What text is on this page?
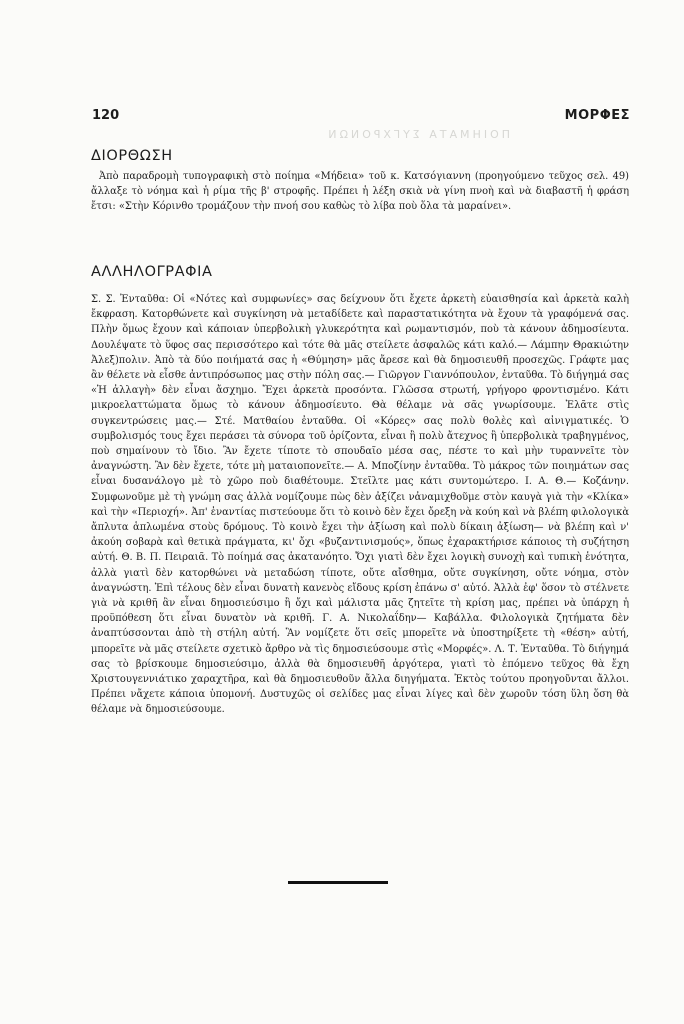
ΠΟΙΗΜΑΤΑ ΣΥΓΧΡΟΝΩΝ
120	ΜΟΡΦΕΣ
ΔΙΟΡΘΩΣΗ

Ἀπὸ παραδρομὴ τυπογραφικὴ στὸ ποίημα «Μήδεια» τοῦ κ. Κατσόγιαννη (προηγούμενο τεῦχος σελ. 49) ἄλλαξε τὸ νόημα καὶ ἡ ρίμα τῆς β' στροφῆς. Πρέπει ἡ λέξη σκιὰ νὰ γίνη πνοὴ καὶ νὰ διαβαστῆ ἡ φράση ἔτσι: «Στὴν Κόρινθο τρομάζουν τὴν πνοή σου καθὼς τὸ λίβα ποὺ ὅλα τὰ μαραίνει».

ΑΛΛΗΛΟΓΡΑΦΙΑ

Σ. Σ. Ἐνταῦθα: Οἱ «Νότες καὶ συμφωνίες» σας δείχνουν ὅτι ἔχετε ἀρκετὴ εὐαισθησία καὶ ἀρκετὰ καλὴ ἔκφραση. Κατορθώνετε καὶ συγκίνηση νὰ μεταδίδετε καὶ παραστατικότητα νὰ ἔχουν τὰ γραφόμενά σας. Πλὴν ὅμως ἔχουν καὶ κάποιαν ὑπερβολικὴ γλυκερότητα καὶ ρωμαντισμόν, ποὺ τὰ κάνουν ἀδημοσίευτα. Δουλέψατε τὸ ὕφος σας περισσότερο καὶ τότε θὰ μᾶς στείλετε ἀσφαλῶς κάτι καλό.— Λάμπην Θρακιώτην Ἀλεξ)πολιν. Ἀπὸ τὰ δύο ποιήματά σας ἡ «Θύμηση» μᾶς ἄρεσε καὶ θὰ δημοσιευθῆ προσεχῶς. Γράφτε μας ἂν θέλετε νὰ εἶσθε ἀντιπρόσωπος μας στὴν πόλη σας.— Γιῶργον Γιαννόπουλον, ἐνταῦθα. Τὸ διήγημά σας «Ἡ ἀλλαγὴ» δὲν εἶναι ἄσχημο. Ἔχει ἀρκετὰ προσόντα. Γλῶσσα στρωτή, γρήγορο φροντισμένο. Κάτι μικροελαττώματα ὅμως τὸ κάνουν ἀδημοσίευτο. Θὰ θέλαμε νὰ σᾶς γνωρίσουμε. Ἐλᾶτε στὶς συγκεντρώσεις μας.— Στέ. Ματθαίου ἐνταῦθα. Οἱ «Κόρες» σας πολὺ θολὲς καὶ αἰνιγματικές. Ὁ συμβολισμός τους ἔχει περάσει τὰ σύνορα τοῦ ὁρίζοντα, εἶναι ἢ πολὺ ἄτεχνος ἢ ὑπερβολικὰ τραβηγμένος, ποὺ σημαίνουν τὸ ἴδιο. Ἂν ἔχετε τίποτε τὸ σπουδαῖο μέσα σας, πέστε το καὶ μὴν τυραννεῖτε τὸν ἀναγνώστη. Ἂν δὲν ἔχετε, τότε μὴ ματαιοπονεῖτε.— Α. Μποζίνην ἐνταῦθα. Τὸ μάκρος τῶν ποιημάτων σας εἶναι δυσανάλογο μὲ τὸ χῶρο ποὺ διαθέτουμε. Στεῖλτε μας κάτι συντομώτερο. Ι. Α. Θ.— Κοζάνην. Συμφωνοῦμε μὲ τὴ γνώμη σας ἀλλὰ νομίζουμε πὼς δὲν ἀξίζει νἀναμιχθοῦμε στὸν καυγὰ γιὰ τὴν «Κλίκα» καὶ τὴν «Περιοχή». Ἀπ' ἐναντίας πιστεύουμε ὅτι τὸ κοινὸ δὲν ἔχει ὄρεξη νὰ κούη καὶ νὰ βλέπη φιλολογικὰ ἄπλυτα ἁπλωμένα στοὺς δρόμους. Τὸ κοινὸ ἔχει τὴν ἀξίωση καὶ πολὺ δίκαιη ἀξίωση— νὰ βλέπη καὶ ν' ἀκούη σοβαρὰ καὶ θετικὰ πράγματα, κι' ὄχι «βυζαντινισμούς», ὅπως ἐχαρακτήρισε κάποιος τὴ συζήτηση αὐτή. Θ. Β. Π. Πειραιᾶ. Τὸ ποίημά σας ἀκατανόητο. Ὄχι γιατὶ δὲν ἔχει λογικὴ συνοχὴ καὶ τυπικὴ ἑνότητα, ἀλλὰ γιατὶ δὲν κατορθώνει νὰ μεταδώση τίποτε, οὔτε αἴσθημα, οὔτε συγκίνηση, οὔτε νόημα, στὸν ἀναγνώστη. Ἐπὶ τέλους δὲν εἶναι δυνατὴ κανενὸς εἴδους κρίση ἐπάνω σ' αὐτό. Ἀλλὰ ἐφ' ὅσον τὸ στέλνετε γιὰ νὰ κριθῆ ἂν εἶναι δημοσιεύσιμο ἢ ὄχι καὶ μάλιστα μᾶς ζητεῖτε τὴ κρίση μας, πρέπει νὰ ὑπάρχη ἡ προϋπόθεση ὅτι εἶναι δυνατὸν νὰ κριθῆ. Γ. Α. Νικολαΐδην— Καβάλλα. Φιλολογικὰ ζητήματα δὲν ἀναπτύσσονται ἀπὸ τὴ στήλη αὐτή. Ἂν νομίζετε ὅτι σεῖς μπορεῖτε νὰ ὑποστηρίξετε τὴ «θέση» αὐτή, μπορεῖτε νὰ μᾶς στείλετε σχετικὸ ἄρθρο νὰ τὶς δημοσιεύσουμε στὶς «Μορφές». Λ. Τ. Ἐνταῦθα. Τὸ διήγημά σας τὸ βρίσκουμε δημοσιεύσιμο, ἀλλὰ θὰ δημοσιευθῆ ἀργότερα, γιατὶ τὸ ἑπόμενο τεῦχος θὰ ἔχη Χριστουγεννιάτικο χαραχτῆρα, καὶ θὰ δημοσιευθοῦν ἄλλα διηγήματα. Ἐκτὸς τούτου προηγοῦνται ἄλλοι. Πρέπει νἄχετε κάποια ὑπομονή. Δυστυχῶς οἱ σελίδες μας εἶναι λίγες καὶ δὲν χωροῦν τόση ὕλη ὅση θὰ θέλαμε νὰ δημοσιεύσουμε.
